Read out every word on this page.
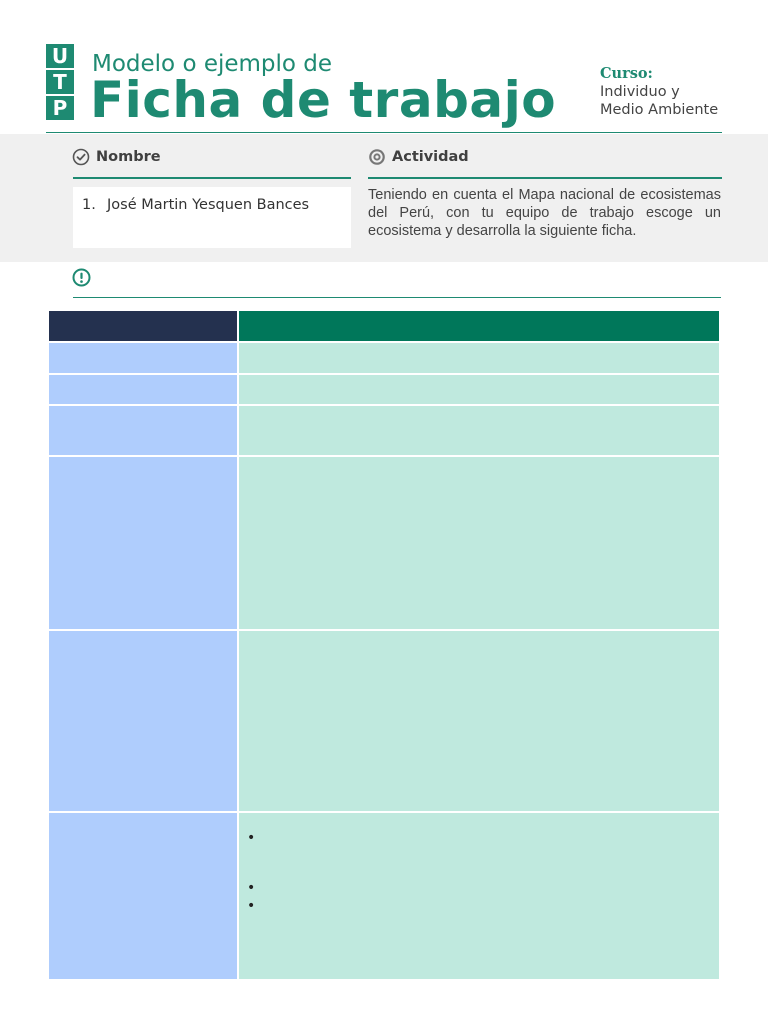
U
T
P
Modelo o ejemplo de
Ficha de trabajo	Curso:
Individuo y
Medio Ambiente
Nombre
1. José Martin Yesquen Bances
Actividad
Teniendo en cuenta el Mapa nacional de ecosistemas del Perú, con tu equipo de trabajo escoge un ecosistema y desarrolla la siguiente ficha.
•
•
•
